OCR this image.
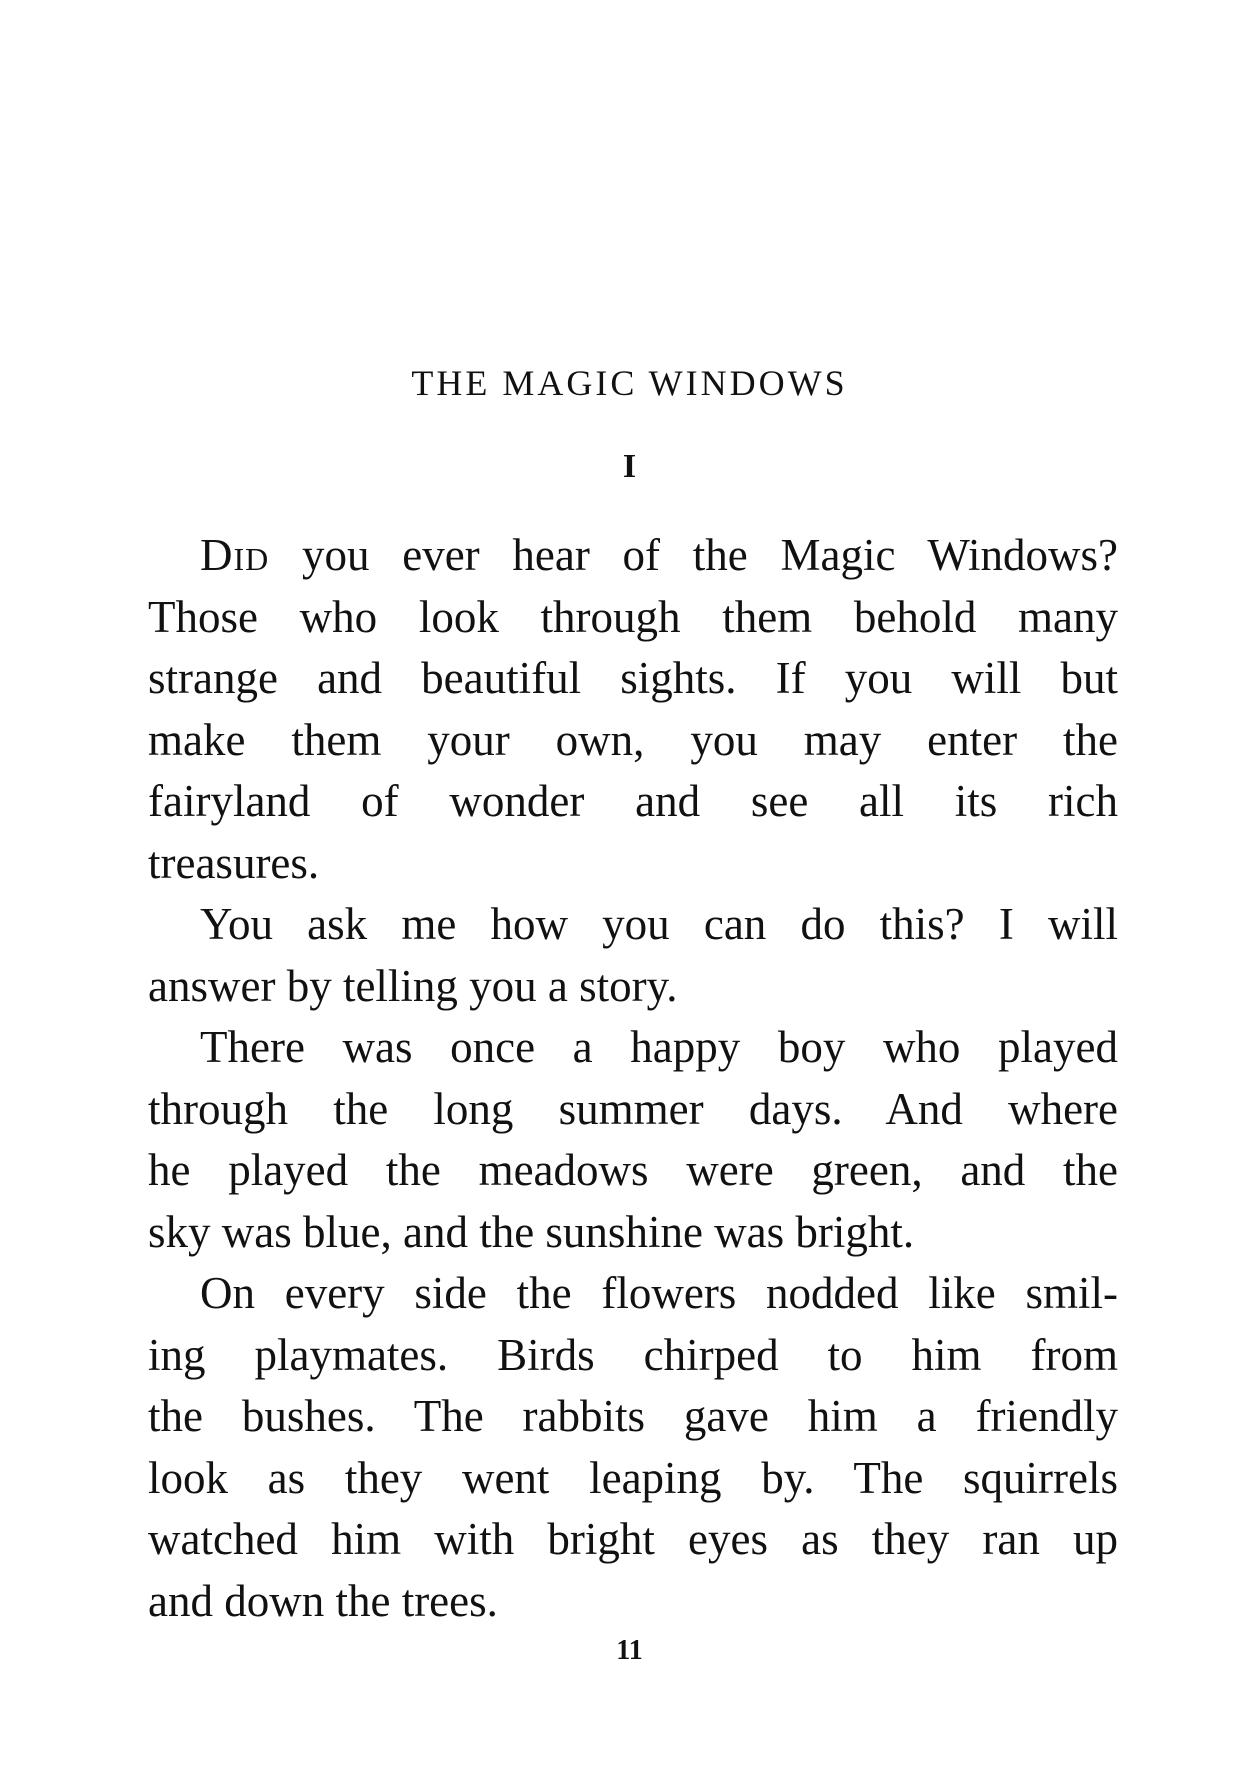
THE MAGIC WINDOWS
I

Did you ever hear of the Magic Windows?
Those who look through them behold many
strange and beautiful sights. If you will but
make them your own, you may enter the
fairyland of wonder and see all its rich
treasures.

You ask me how you can do this? I will
answer by telling you a story.

There was once a happy boy who played
through the long summer days. And where
he played the meadows were green, and the
sky was blue, and the sunshine was bright.

On every side the flowers nodded like smil-
ing playmates. Birds chirped to him from
the bushes. The rabbits gave him a friendly
look as they went leaping by. The squirrels
watched him with bright eyes as they ran up
and down the trees.

11
